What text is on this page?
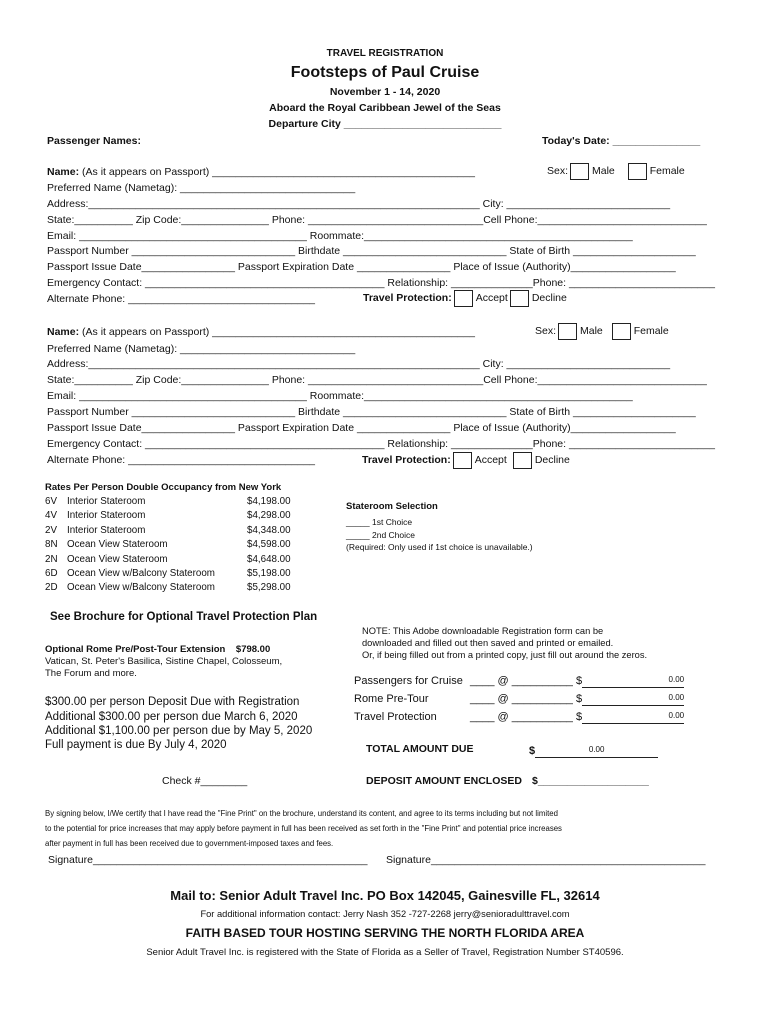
TRAVEL REGISTRATION
Footsteps of Paul Cruise
November 1 - 14, 2020
Aboard the Royal Caribbean Jewel of the Seas
Departure City ___________________________
Passenger Names:	Today's Date: _______________
Name: (As it appears on Passport) _____________________________________________	Sex: Male	Female
Preferred Name (Nametag): ______________________________
Address:___________________________________________________________________ City: ____________________________
State:__________ Zip Code:_______________ Phone: ______________________________Cell Phone:_____________________________
Email: _______________________________________ Roommate:______________________________________________
Passport Number ____________________________ Birthdate ____________________________ State of Birth _____________________
Passport Issue Date________________ Passport Expiration Date ________________ Place of Issue (Authority)__________________
Emergency Contact: _________________________________________ Relationship: ______________Phone: _________________________
Alternate Phone: ________________________________	Travel Protection: Accept Decline
Name: (As it appears on Passport) _____________________________________________	Sex: Male	Female
Preferred Name (Nametag): ______________________________
Address:___________________________________________________________________ City: ____________________________
State:__________ Zip Code:_______________ Phone: ______________________________Cell Phone:_____________________________
Email: _______________________________________ Roommate:______________________________________________
Passport Number ____________________________ Birthdate ____________________________ State of Birth _____________________
Passport Issue Date________________ Passport Expiration Date ________________ Place of Issue (Authority)__________________
Emergency Contact: _________________________________________ Relationship: ______________Phone: _________________________
Alternate Phone: ________________________________	Travel Protection: Accept	Decline
Rates Per Person Double Occupancy from New York
6V Interior Stateroom	$4,198.00
4V Interior Stateroom	$4,298.00
2V Interior Stateroom	$4,348.00
8N Ocean View Stateroom	$4,598.00
2N Ocean View Stateroom	$4,648.00
6D Ocean View w/Balcony Stateroom	$5,198.00
2D Ocean View w/Balcony Stateroom	$5,298.00
Stateroom Selection
_____ 1st Choice
_____ 2nd Choice
(Required: Only used if 1st choice is unavailable.)
See Brochure for Optional Travel Protection Plan
Optional Rome Pre/Post-Tour Extension $798.00
Vatican, St. Peter's Basilica, Sistine Chapel, Colosseum,
The Forum and more.
$300.00 per person Deposit Due with Registration
Additional $300.00 per person due March 6, 2020
Additional $1,100.00 per person due by May 5, 2020
Full payment is due By July 4, 2020
Check #________
NOTE: This Adobe downloadable Registration form can be
downloaded and filled out then saved and printed or emailed.
Or, if being filled out from a printed copy, just fill out around the zeros.
Passengers for Cruise ____ @ __________ $	0.00
Rome Pre-Tour	____ @ __________ $	0.00
Travel Protection	____ @ __________ $	0.00
TOTAL AMOUNT DUE	$	0.00
DEPOSIT AMOUNT ENCLOSED $___________________
By signing below, I/We certify that I have read the "Fine Print" on the brochure, understand its content, and agree to its terms including but not limited
to the potential for price increases that may apply before payment in full has been received as set forth in the "Fine Print" and potential price increases
after payment in full has been received due to government-imposed taxes and fees.
Signature_______________________________________________ Signature_______________________________________________
Mail to: Senior Adult Travel Inc. PO Box 142045, Gainesville FL, 32614
For additional information contact: Jerry Nash 352 -727-2268 jerry@senioradulttravel.com
FAITH BASED TOUR HOSTING SERVING THE NORTH FLORIDA AREA
Senior Adult Travel Inc. is registered with the State of Florida as a Seller of Travel, Registration Number ST40596.
